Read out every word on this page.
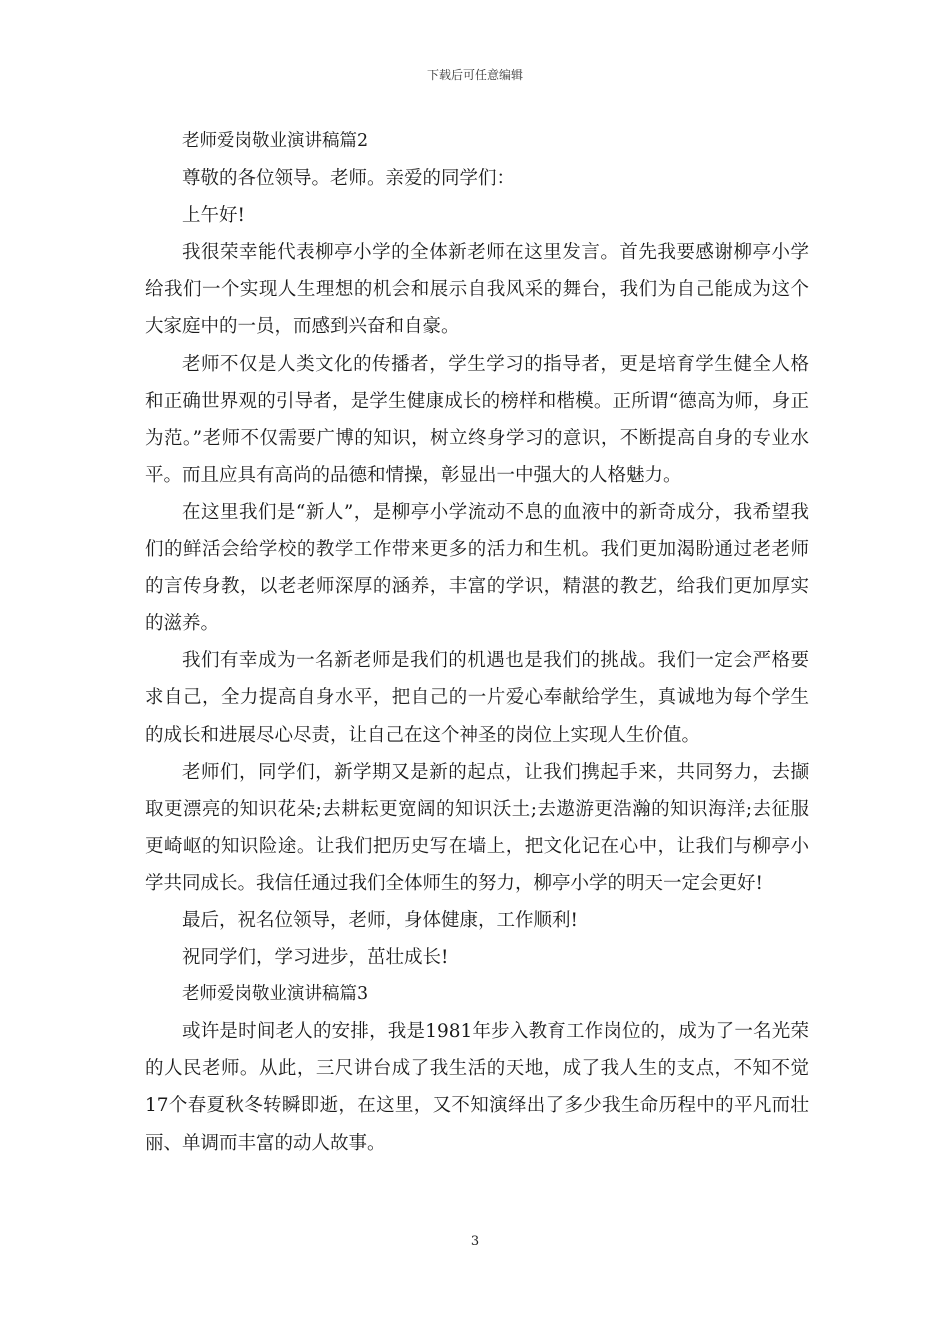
下载后可任意编辑

老师爱岗敬业演讲稿篇2

尊敬的各位领导。老师。亲爱的同学们：

上午好!

我很荣幸能代表柳亭小学的全体新老师在这里发言。首先我要感谢柳亭小学给我们一个实现人生理想的机会和展示自我风采的舞台，我们为自己能成为这个大家庭中的一员，而感到兴奋和自豪。

老师不仅是人类文化的传播者，学生学习的指导者，更是培育学生健全人格和正确世界观的引导者，是学生健康成长的榜样和楷模。正所谓“德高为师，身正为范。”老师不仅需要广博的知识，树立终身学习的意识，不断提高自身的专业水平。而且应具有高尚的品德和情操，彰显出一中强大的人格魅力。

在这里我们是“新人”，是柳亭小学流动不息的血液中的新奇成分，我希望我们的鲜活会给学校的教学工作带来更多的活力和生机。我们更加渴盼通过老老师的言传身教，以老老师深厚的涵养，丰富的学识，精湛的教艺，给我们更加厚实的滋养。

我们有幸成为一名新老师是我们的机遇也是我们的挑战。我们一定会严格要求自己，全力提高自身水平，把自己的一片爱心奉献给学生，真诚地为每个学生的成长和进展尽心尽责，让自己在这个神圣的岗位上实现人生价值。

老师们，同学们，新学期又是新的起点，让我们携起手来，共同努力，去撷取更漂亮的知识花朵;去耕耘更宽阔的知识沃土;去遨游更浩瀚的知识海洋;去征服更崎岖的知识险途。让我们把历史写在墙上，把文化记在心中，让我们与柳亭小学共同成长。我信任通过我们全体师生的努力，柳亭小学的明天一定会更好!

最后，祝名位领导，老师，身体健康，工作顺利!

祝同学们，学习进步，茁壮成长!

老师爱岗敬业演讲稿篇3

或许是时间老人的安排，我是1981年步入教育工作岗位的，成为了一名光荣的人民老师。从此，三尺讲台成了我生活的天地，成了我人生的支点，不知不觉17个春夏秋冬转瞬即逝，在这里，又不知演绎出了多少我生命历程中的平凡而壮丽、单调而丰富的动人故事。

3
